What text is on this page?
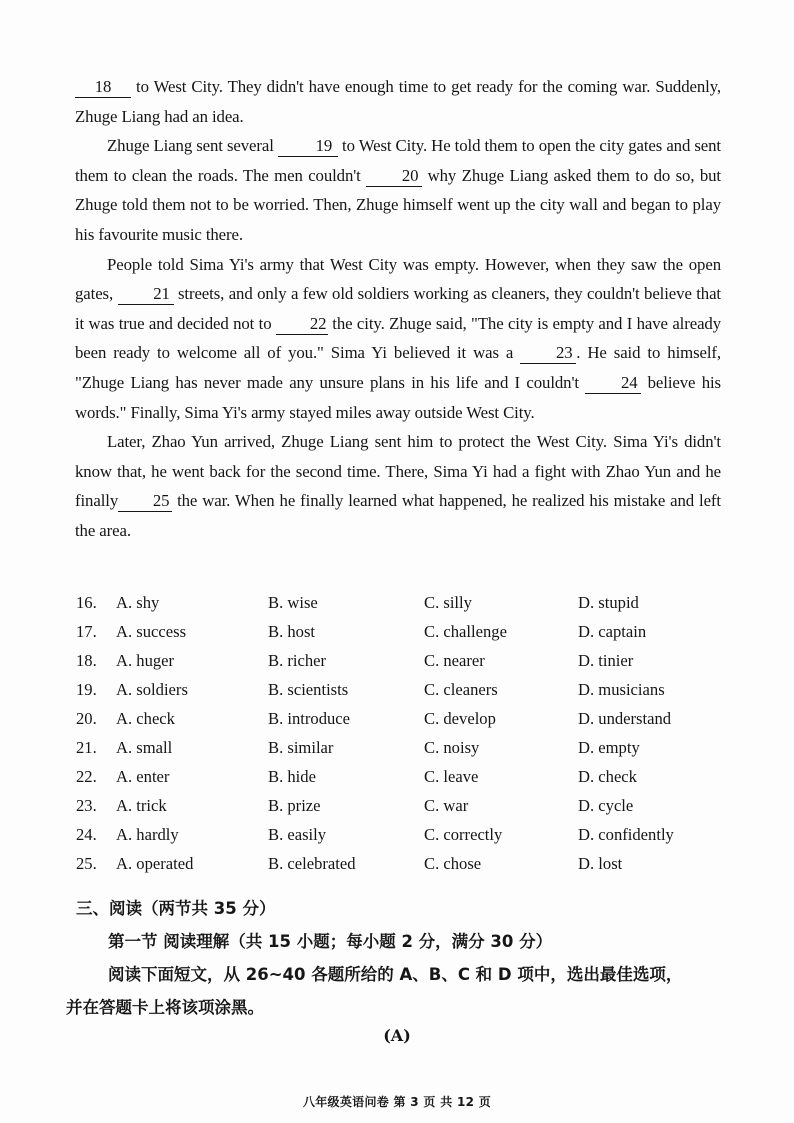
18 to West City. They didn't have enough time to get ready for the coming war. Suddenly, Zhuge Liang had an idea.

Zhuge Liang sent several 19 to West City. He told them to open the city gates and sent them to clean the roads. The men couldn't 20 why Zhuge Liang asked them to do so, but Zhuge told them not to be worried. Then, Zhuge himself went up the city wall and began to play his favourite music there.

People told Sima Yi's army that West City was empty. However, when they saw the open gates, 21 streets, and only a few old soldiers working as cleaners, they couldn't believe that it was true and decided not to 22 the city. Zhuge said, "The city is empty and I have already been ready to welcome all of you." Sima Yi believed it was a 23 . He said to himself, "Zhuge Liang has never made any unsure plans in his life and I couldn't 24 believe his words." Finally, Sima Yi's army stayed miles away outside West City.

Later, Zhao Yun arrived, Zhuge Liang sent him to protect the West City. Sima Yi's didn't know that, he went back for the second time. There, Sima Yi had a fight with Zhao Yun and he finally 25 the war. When he finally learned what happened, he realized his mistake and left the area.

16. A. shy	B. wise	C. silly	D. stupid
17. A. success	B. host	C. challenge	D. captain
18. A. huger	B. richer	C. nearer	D. tinier
19. A. soldiers	B. scientists	C. cleaners	D. musicians
20. A. check	B. introduce	C. develop	D. understand
21. A. small	B. similar	C. noisy	D. empty
22. A. enter	B. hide	C. leave	D. check
23. A. trick	B. prize	C. war	D. cycle
24. A. hardly	B. easily	C. correctly	D. confidently
25. A. operated	B. celebrated	C. chose	D. lost
三、阅读（两节共 35 分）
第一节 阅读理解（共 15 小题；每小题 2 分，满分 30 分）
阅读下面短文，从 26~40 各题所给的 A、B、C 和 D 项中，选出最佳选项，
并在答题卡上将该项涂黑。
(A)
八年级英语问卷 第 3 页 共 12 页
